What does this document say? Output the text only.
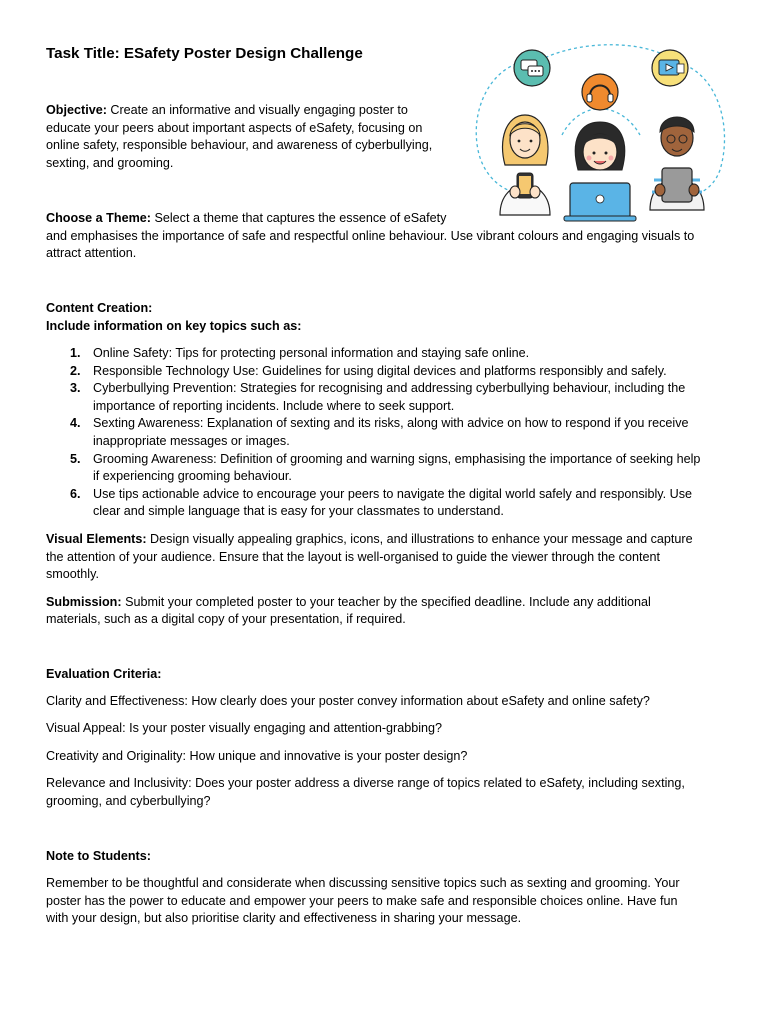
Task Title: ESafety Poster Design Challenge
Objective: Create an informative and visually engaging poster to
educate your peers about important aspects of eSafety, focusing on
online safety, responsible behaviour, and awareness of cyberbullying,
sexting, and grooming.
Choose a Theme: Select a theme that captures the essence of eSafety
and emphasises the importance of safe and respectful online behaviour. Use vibrant colours and engaging visuals to
attract attention.
Content Creation:
Include information on key topics such as:
1. Online Safety: Tips for protecting personal information and staying safe online.
2. Responsible Technology Use: Guidelines for using digital devices and platforms responsibly and safely.
3. Cyberbullying Prevention: Strategies for recognising and addressing cyberbullying behaviour, including the
importance of reporting incidents. Include where to seek support.
4. Sexting Awareness: Explanation of sexting and its risks, along with advice on how to respond if you receive
inappropriate messages or images.
5. Grooming Awareness: Definition of grooming and warning signs, emphasising the importance of seeking help
if experiencing grooming behaviour.
6. Use tips actionable advice to encourage your peers to navigate the digital world safely and responsibly. Use
clear and simple language that is easy for your classmates to understand.
Visual Elements: Design visually appealing graphics, icons, and illustrations to enhance your message and capture
the attention of your audience. Ensure that the layout is well-organised to guide the viewer through the content
smoothly.
Submission: Submit your completed poster to your teacher by the specified deadline. Include any additional
materials, such as a digital copy of your presentation, if required.
Evaluation Criteria:
Clarity and Effectiveness: How clearly does your poster convey information about eSafety and online safety?
Visual Appeal: Is your poster visually engaging and attention-grabbing?
Creativity and Originality: How unique and innovative is your poster design?
Relevance and Inclusivity: Does your poster address a diverse range of topics related to eSafety, including sexting,
grooming, and cyberbullying?
Note to Students:
Remember to be thoughtful and considerate when discussing sensitive topics such as sexting and grooming. Your
poster has the power to educate and empower your peers to make safe and responsible choices online. Have fun
with your design, but also prioritise clarity and effectiveness in sharing your message.
